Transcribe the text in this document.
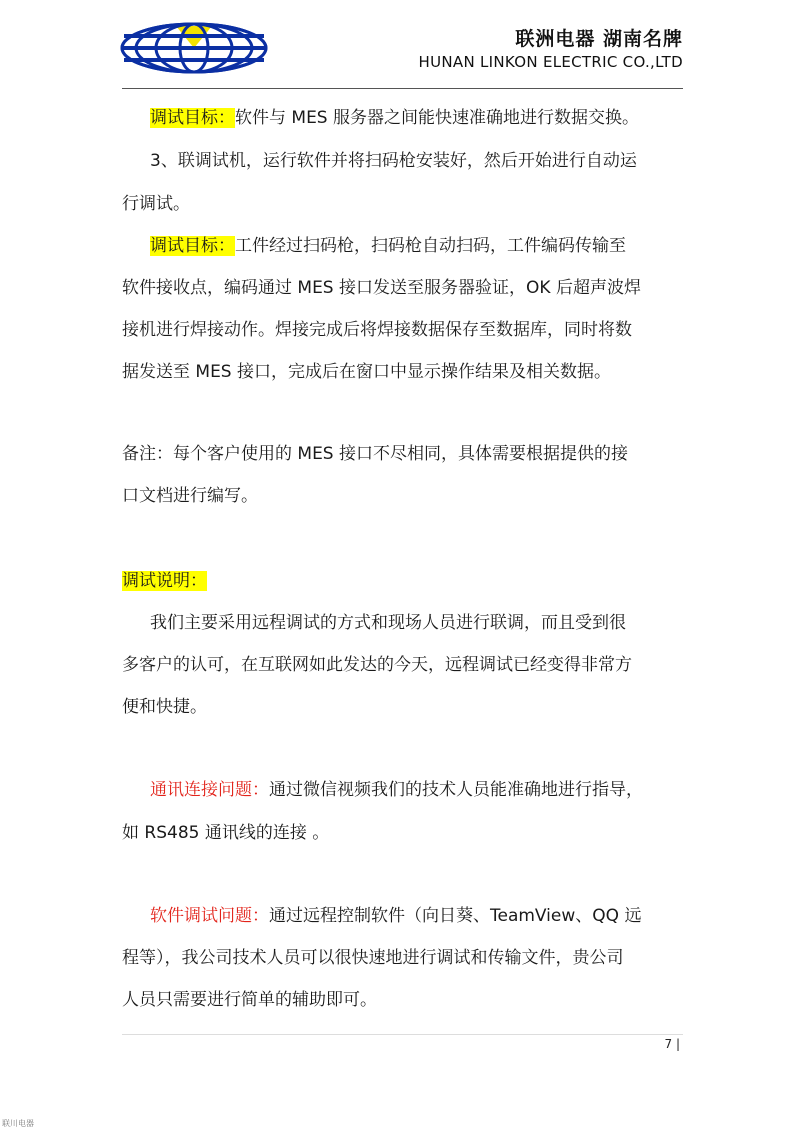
联洲电器 湖南名牌
HUNAN LINKON ELECTRIC CO.,LTD
调试目标：软件与 MES 服务器之间能快速准确地进行数据交换。
3、联调试机，运行软件并将扫码枪安装好，然后开始进行自动运
行调试。
调试目标：工件经过扫码枪，扫码枪自动扫码，工件编码传输至
软件接收点，编码通过 MES 接口发送至服务器验证，OK 后超声波焊
接机进行焊接动作。焊接完成后将焊接数据保存至数据库，同时将数
据发送至 MES 接口，完成后在窗口中显示操作结果及相关数据。
备注：每个客户使用的 MES 接口不尽相同，具体需要根据提供的接
口文档进行编写。
调试说明：
我们主要采用远程调试的方式和现场人员进行联调，而且受到很
多客户的认可，在互联网如此发达的今天，远程调试已经变得非常方
便和快捷。
通讯连接问题：通过微信视频我们的技术人员能准确地进行指导，
如 RS485 通讯线的连接 。
软件调试问题：通过远程控制软件（向日葵、TeamView、QQ 远
程等），我公司技术人员可以很快速地进行调试和传输文件，贵公司
人员只需要进行简单的辅助即可。
7 |
联川电器
